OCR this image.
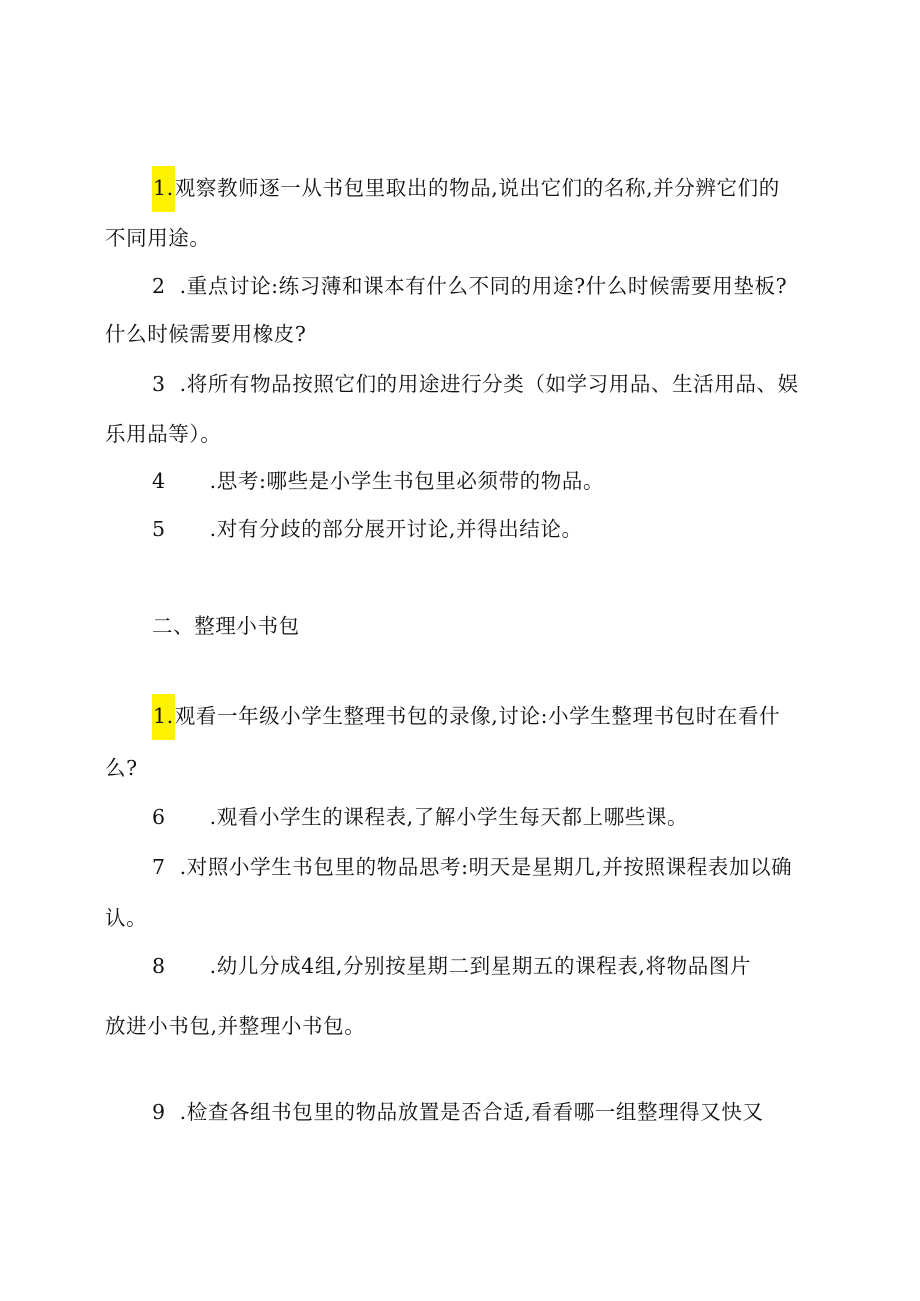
1.观察教师逐一从书包里取出的物品,说出它们的名称,并分辨它们的
不同用途。
2 .重点讨论:练习薄和课本有什么不同的用途?什么时候需要用垫板?
什么时候需要用橡皮?
3 .将所有物品按照它们的用途进行分类（如学习用品、生活用品、娱
乐用品等）。
4 .思考:哪些是小学生书包里必须带的物品。
5 .对有分歧的部分展开讨论,并得出结论。
二、整理小书包
1.观看一年级小学生整理书包的录像,讨论:小学生整理书包时在看什
么?
6 .观看小学生的课程表,了解小学生每天都上哪些课。
7 .对照小学生书包里的物品思考:明天是星期几,并按照课程表加以确
认。
8 .幼儿分成4组,分别按星期二到星期五的课程表,将物品图片
放进小书包,并整理小书包。
9 .检查各组书包里的物品放置是否合适,看看哪一组整理得又快又
